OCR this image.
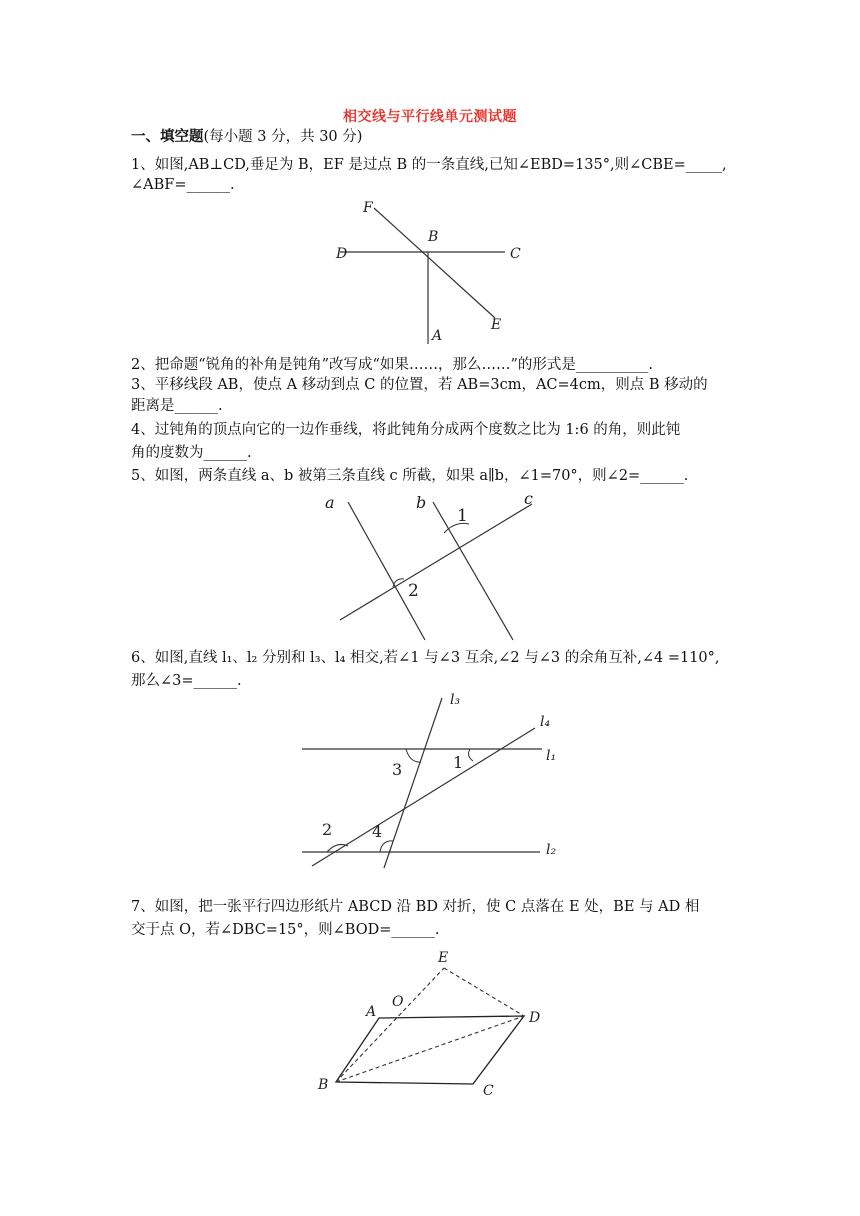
相交线与平行线单元测试题
一、填空题(每小题 3 分，共 30 分)
1、如图,AB⊥CD,垂足为 B，EF 是过点 B 的一条直线,已知∠EBD=135°,则∠CBE=_____,
∠ABF=______.
F
B
D	C
E
A
2、把命题“锐角的补角是钝角”改写成“如果……，那么……”的形式是__________.
3、平移线段 AB，使点 A 移动到点 C 的位置，若 AB=3cm，AC=4cm，则点 B 移动的
距离是______.
4、过钝角的顶点向它的一边作垂线，将此钝角分成两个度数之比为 1:6 的角，则此钝
角的度数为______.
5、如图，两条直线 a、b 被第三条直线 c 所截，如果 a∥b，∠1=70°，则∠2=______.
a	b	c
1
2
6、如图,直线 l₁、l₂ 分别和 l₃、l₄ 相交,若∠1 与∠3 互余,∠2 与∠3 的余角互补,∠4 =110°,
那么∠3=______.
l₃
l₄
l₁
l₂
3	1
2 4
7、如图，把一张平行四边形纸片 ABCD 沿 BD 对折，使 C 点落在 E 处，BE 与 AD 相
交于点 O，若∠DBC=15°，则∠BOD=______.
E
A
O
D
B	C
